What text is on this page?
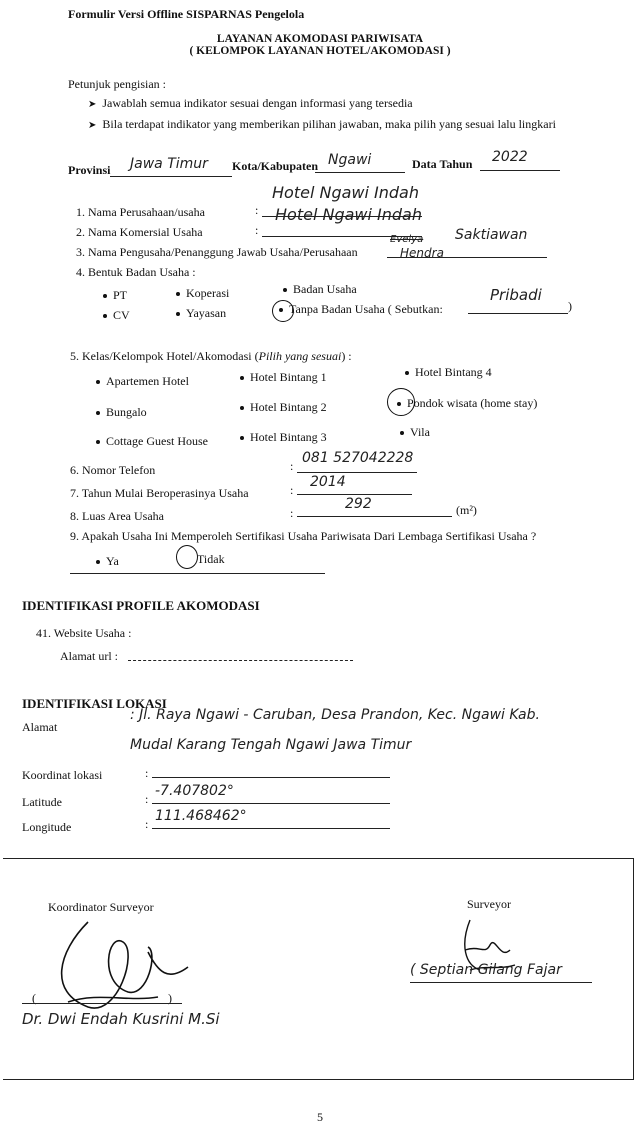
Formulir Versi Offline SISPARNAS Pengelola
LAYANAN AKOMODASI PARIWISATA
( KELOMPOK LAYANAN HOTEL/AKOMODASI )
Petunjuk pengisian :
➤ Jawablah semua indikator sesuai dengan informasi yang tersedia
➤ Bila terdapat indikator yang memberikan pilihan jawaban, maka pilih yang sesuai lalu lingkari
Provinsi Jawa Timur Kota/Kabupaten Ngawi	Data Tahun 2022
1. Nama Perusahaan/usaha	:
Hotel Ngawi Indah
2. Nama Komersial Usaha	:
Hotel Ngawi Indah
3. Nama Pengusaha/Penanggung Jawab Usaha/Perusahaan
Evelya Saktiawan
Hendra
4. Bentuk Badan Usaha :
PT	Koperasi	Badan Usaha
CV	Yayasan	Tanpa Badan Usaha ( Sebutkan:
Pribadi
)
5. Kelas/Kelompok Hotel/Akomodasi (Pilih yang sesuai) :
Apartemen Hotel	Hotel Bintang 1	Hotel Bintang 4
Bungalo	Hotel Bintang 2	Pondok wisata (home stay)
Cottage Guest House	Hotel Bintang 3	Vila
6. Nomor Telefon	: 081 527042228
7. Tahun Mulai Beroperasinya Usaha	: 2014
8. Luas Area Usaha	:
292	(m²)
9. Apakah Usaha Ini Memperoleh Sertifikasi Usaha Pariwisata Dari Lembaga Sertifikasi Usaha ?
Ya	Tidak
IDENTIFIKASI PROFILE AKOMODASI
41. Website Usaha :
Alamat url :
IDENTIFIKASI LOKASI
Alamat
: Jl. Raya Ngawi - Caruban, Desa Prandon, Kec. Ngawi Kab.
Mudal Karang Tengah Ngawi Jawa Timur
Koordinat lokasi	:
Latitude	: -7.407802°
Longitude	: 111.468462°
Koordinator Surveyor
(	)
Dr. Dwi Endah Kusrini M.Si
Surveyor
( Septian Gilang Fajar
5
